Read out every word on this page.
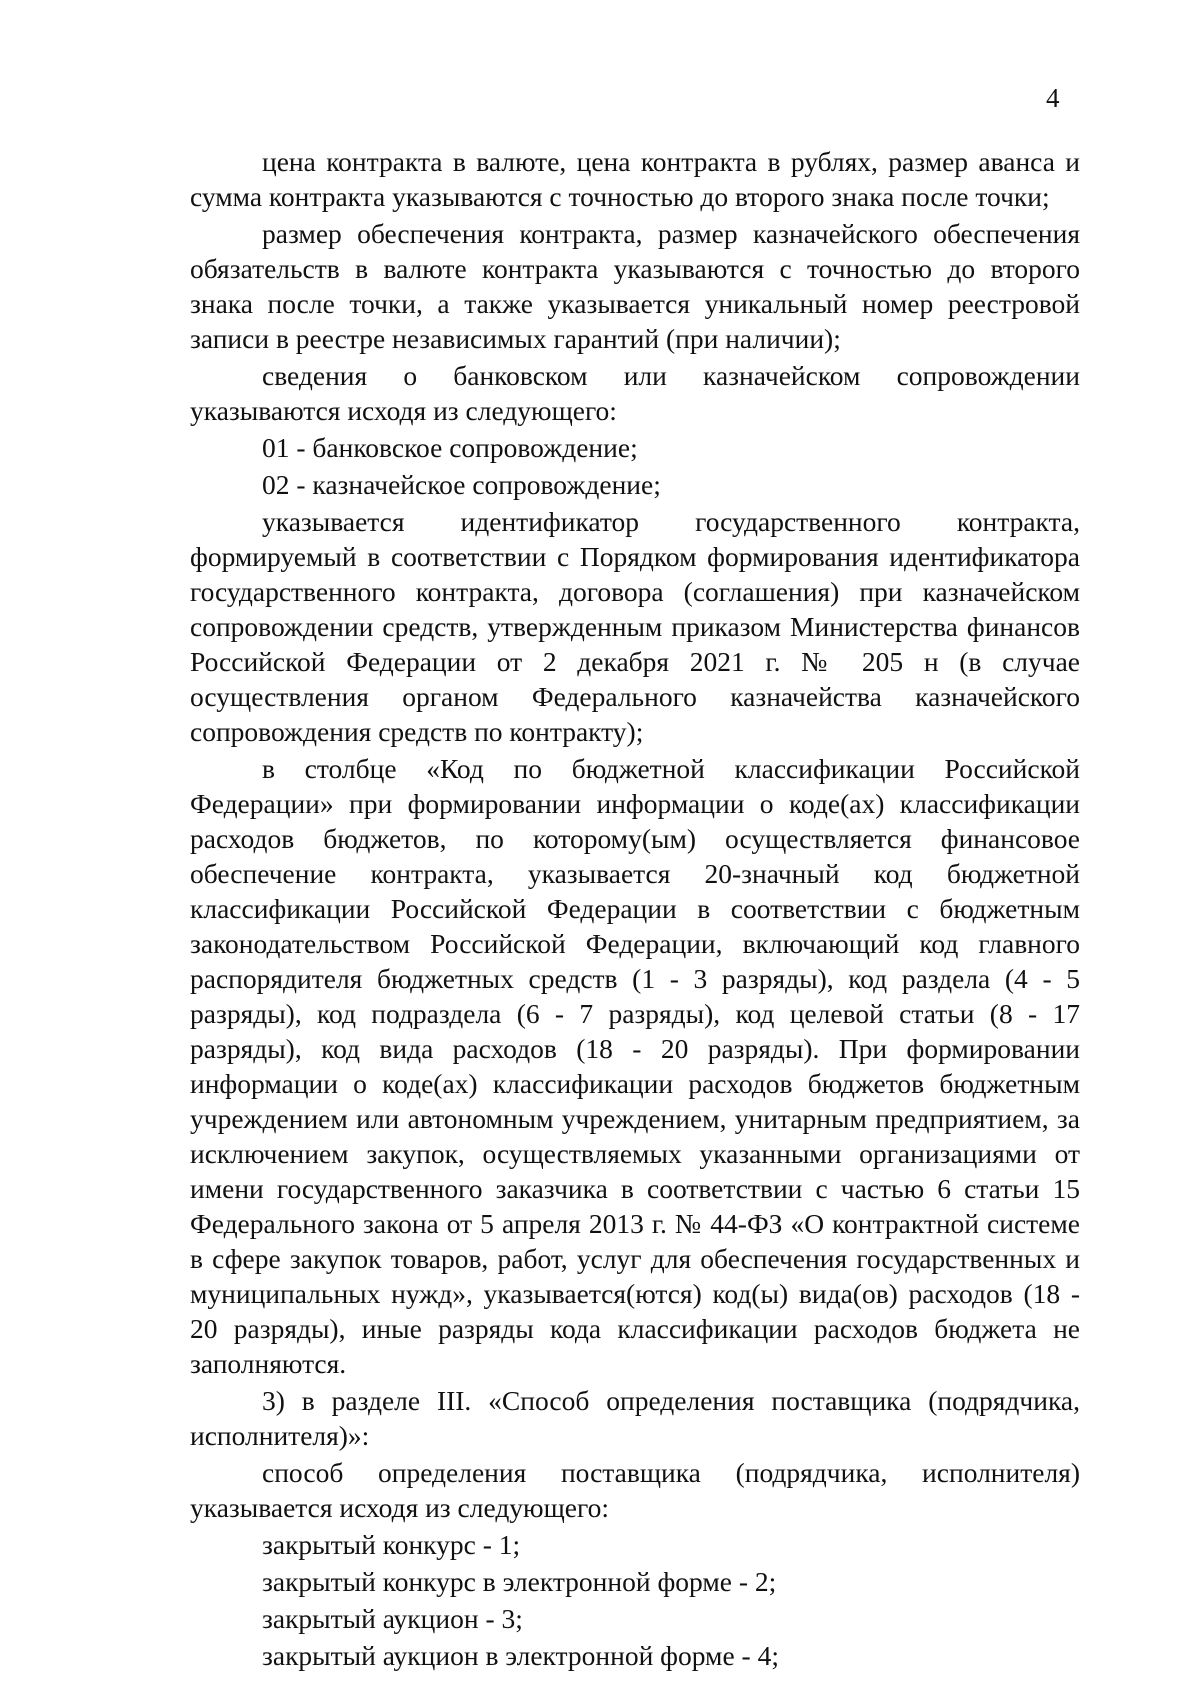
4

цена контракта в валюте, цена контракта в рублях, размер аванса и сумма контракта указываются с точностью до второго знака после точки;

размер обеспечения контракта, размер казначейского обеспечения обязательств в валюте контракта указываются с точностью до второго знака после точки, а также указывается уникальный номер реестровой записи в реестре независимых гарантий (при наличии);

сведения о банковском или казначейском сопровождении указываются исходя из следующего:

01 - банковское сопровождение;

02 - казначейское сопровождение;

указывается идентификатор государственного контракта, формируемый в соответствии с Порядком формирования идентификатора государственного контракта, договора (соглашения) при казначейском сопровождении средств, утвержденным приказом Министерства финансов Российской Федерации от 2 декабря 2021 г. № 205 н (в случае осуществления органом Федерального казначейства казначейского сопровождения средств по контракту);

в столбце «Код по бюджетной классификации Российской Федерации» при формировании информации о коде(ах) классификации расходов бюджетов, по которому(ым) осуществляется финансовое обеспечение контракта, указывается 20-значный код бюджетной классификации Российской Федерации в соответствии с бюджетным законодательством Российской Федерации, включающий код главного распорядителя бюджетных средств (1 - 3 разряды), код раздела (4 - 5 разряды), код подраздела (6 - 7 разряды), код целевой статьи (8 - 17 разряды), код вида расходов (18 - 20 разряды). При формировании информации о коде(ах) классификации расходов бюджетов бюджетным учреждением или автономным учреждением, унитарным предприятием, за исключением закупок, осуществляемых указанными организациями от имени государственного заказчика в соответствии с частью 6 статьи 15 Федерального закона от 5 апреля 2013 г. № 44-ФЗ «О контрактной системе в сфере закупок товаров, работ, услуг для обеспечения государственных и муниципальных нужд», указывается(ются) код(ы) вида(ов) расходов (18 - 20 разряды), иные разряды кода классификации расходов бюджета не заполняются.

3) в разделе III. «Способ определения поставщика (подрядчика, исполнителя)»:

способ определения поставщика (подрядчика, исполнителя) указывается исходя из следующего:

закрытый конкурс - 1;

закрытый конкурс в электронной форме - 2;

закрытый аукцион - 3;

закрытый аукцион в электронной форме - 4;
